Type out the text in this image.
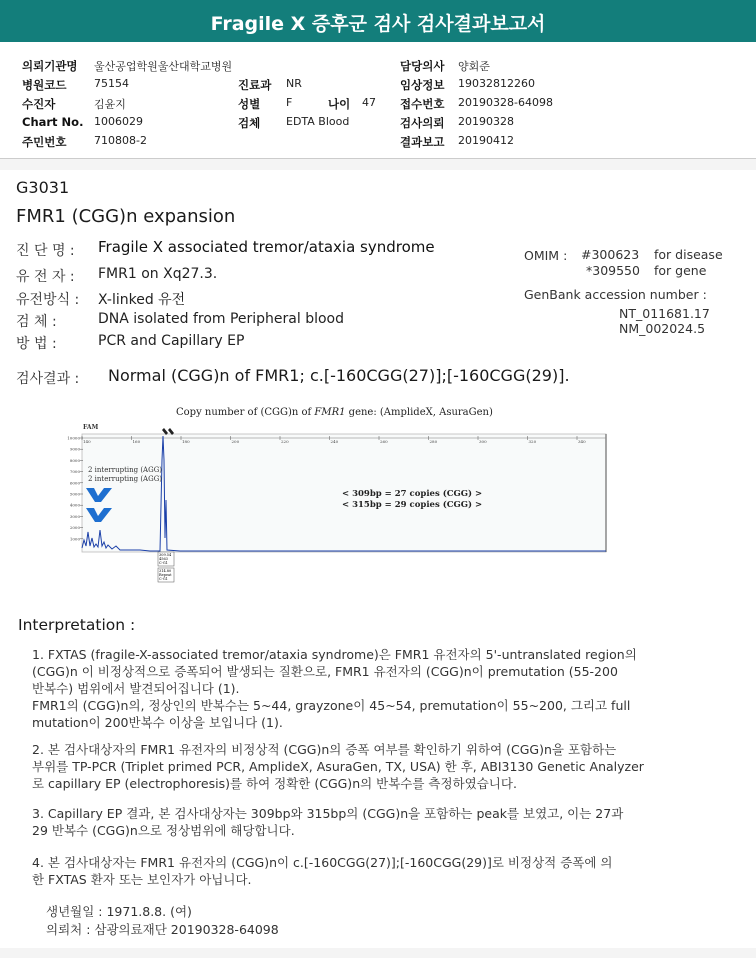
Fragile X 증후군 검사 검사결과보고서
의뢰기관명 울산공업학원울산대학교병원
병원코드	75154
수진자	김윤지
Chart No. 1006029
주민번호	710808-2
진료과 NR
성별 F	나이 47
검체 EDTA Blood
담당의사 양회준
임상정보 19032812260
접수번호 20190328-64098
검사의뢰 20190328
결과보고 20190412
G3031
FMR1 (CGG)n expansion
진 단 명 : Fragile X associated tremor/ataxia syndrome
유 전 자 : FMR1 on Xq27.3.
유전방식 : X-linked 유전
검 체 :	DNA isolated from Peripheral blood
방 법 :	PCR and Capillary EP
OMIM : #300623 for disease
*309550 for gene
GenBank accession number :
NT_011681.17
NM_002024.5
검사결과 : Normal (CGG)n of FMR1; c.[-160CGG(27)];[-160CGG(29)].
Copy number of (CGG)n of FMR1 gene: (AmplideX, AsuraGen)
FAM
10000
9000
8000
7000
6000
5000
4000
3000
2000
1000
140	160	180	200	220	240	260	280	300	320	340
2 interrupting (AGG)
2 interrupting (AGG)
< 309bp = 27 copies (CGG) >
< 315bp = 29 copies (CGG) >
309.54
4563
C-G1
314.80
Repeat
C-G1
Interpretation :
1. FXTAS (fragile-X-associated tremor/ataxia syndrome)은 FMR1 유전자의 5'-untranslated region의
(CGG)n 이 비정상적으로 증폭되어 발생되는 질환으로, FMR1 유전자의 (CGG)n이 premutation (55-200
반복수) 범위에서 발견되어집니다 (1).
FMR1의 (CGG)n의, 정상인의 반복수는 5~44, grayzone이 45~54, premutation이 55~200, 그리고 full
mutation이 200반복수 이상을 보입니다 (1).
2. 본 검사대상자의 FMR1 유전자의 비정상적 (CGG)n의 증폭 여부를 확인하기 위하여 (CGG)n을 포함하는
부위를 TP-PCR (Triplet primed PCR, AmplideX, AsuraGen, TX, USA) 한 후, ABI3130 Genetic Analyzer
로 capillary EP (electrophoresis)를 하여 정확한 (CGG)n의 반복수를 측정하였습니다.
3. Capillary EP 결과, 본 검사대상자는 309bp와 315bp의 (CGG)n을 포함하는 peak를 보였고, 이는 27과
29 반복수 (CGG)n으로 정상범위에 해당합니다.
4. 본 검사대상자는 FMR1 유전자의 (CGG)n이 c.[-160CGG(27)];[-160CGG(29)]로 비정상적 증폭에 의
한 FXTAS 환자 또는 보인자가 아닙니다.
생년월일 : 1971.8.8. (여)
의뢰처 : 삼광의료재단 20190328-64098
